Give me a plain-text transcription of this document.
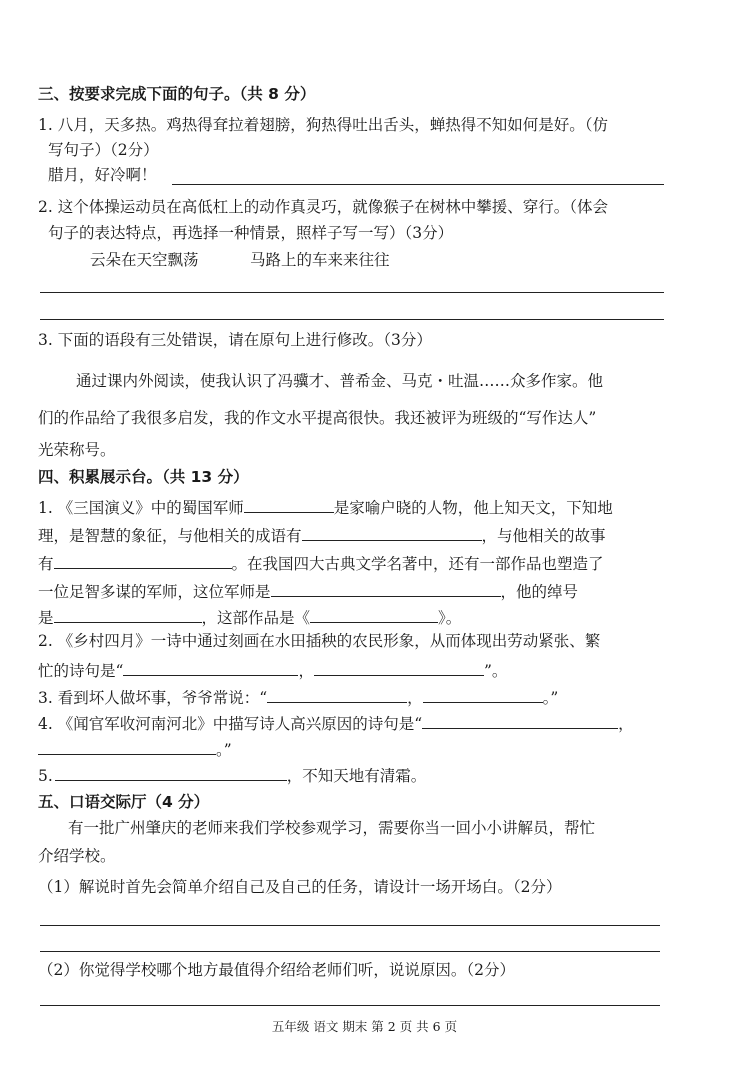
三、按要求完成下面的句子。（共 8 分）
1. 八月，天多热。鸡热得耷拉着翅膀，狗热得吐出舌头，蝉热得不知如何是好。（仿
写句子）（2分）
腊月，好冷啊！
2. 这个体操运动员在高低杠上的动作真灵巧，就像猴子在树林中攀援、穿行。（体会
句子的表达特点，再选择一种情景，照样子写一写）（3分）
云朵在天空飘荡	马路上的车来来往往
3. 下面的语段有三处错误，请在原句上进行修改。（3分）
通过课内外阅读，使我认识了冯骥才、普希金、马克・吐温……众多作家。他
们的作品给了我很多启发，我的作文水平提高很快。我还被评为班级的“写作达人”
光荣称号。
四、积累展示台。（共 13 分）
1. 《三国演义》中的蜀国军师	是家喻户晓的人物，他上知天文，下知地
理，是智慧的象征，与他相关的成语有	，与他相关的故事
有	。在我国四大古典文学名著中，还有一部作品也塑造了
一位足智多谋的军师，这位军师是	，他的绰号
是	，这部作品是《	》。
2. 《乡村四月》一诗中通过刻画在水田插秧的农民形象，从而体现出劳动紧张、繁
忙的诗句是“	，	”。
3. 看到坏人做坏事，爷爷常说：“	，	。”
4. 《闻官军收河南河北》中描写诗人高兴原因的诗句是“	，
。”
5.	，不知天地有清霜。
五、口语交际厅（4 分）
有一批广州肇庆的老师来我们学校参观学习，需要你当一回小小讲解员，帮忙
介绍学校。
（1）解说时首先会简单介绍自己及自己的任务，请设计一场开场白。（2分）
（2）你觉得学校哪个地方最值得介绍给老师们听，说说原因。（2分）
五年级 语文 期末 第 2 页 共 6 页
